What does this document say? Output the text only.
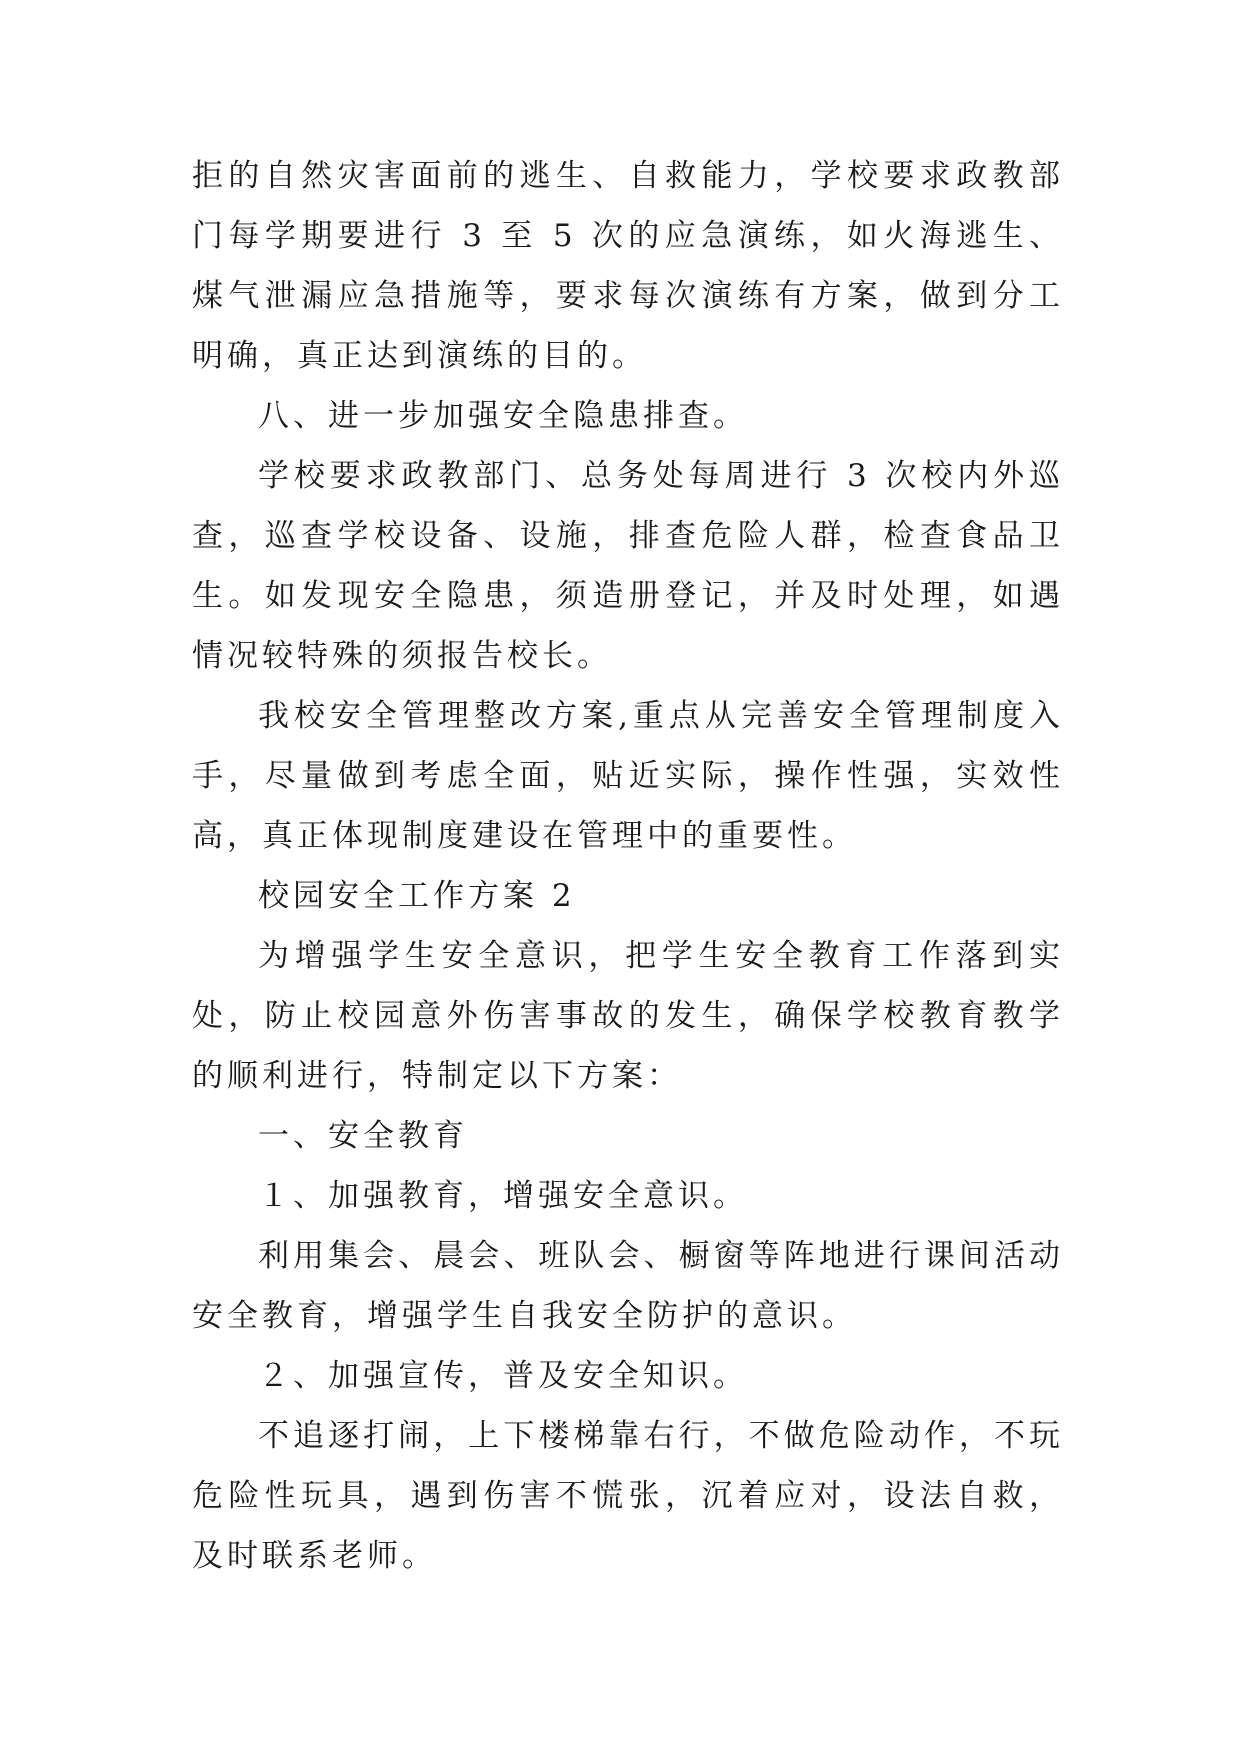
拒的自然灾害面前的逃生、自救能力，学校要求政教部门每学期要进行 3 至 5 次的应急演练，如火海逃生、煤气泄漏应急措施等，要求每次演练有方案，做到分工明确，真正达到演练的目的。

八、进一步加强安全隐患排查。

学校要求政教部门、总务处每周进行 3 次校内外巡查，巡查学校设备、设施，排查危险人群，检查食品卫生。如发现安全隐患，须造册登记，并及时处理，如遇情况较特殊的须报告校长。

我校安全管理整改方案,重点从完善安全管理制度入手，尽量做到考虑全面，贴近实际，操作性强，实效性高，真正体现制度建设在管理中的重要性。

校园安全工作方案 2

为增强学生安全意识，把学生安全教育工作落到实处，防止校园意外伤害事故的发生，确保学校教育教学的顺利进行，特制定以下方案：

一、安全教育

１、加强教育，增强安全意识。

利用集会、晨会、班队会、橱窗等阵地进行课间活动安全教育，增强学生自我安全防护的意识。

２、加强宣传，普及安全知识。

不追逐打闹，上下楼梯靠右行，不做危险动作，不玩危险性玩具，遇到伤害不慌张，沉着应对，设法自救，及时联系老师。
